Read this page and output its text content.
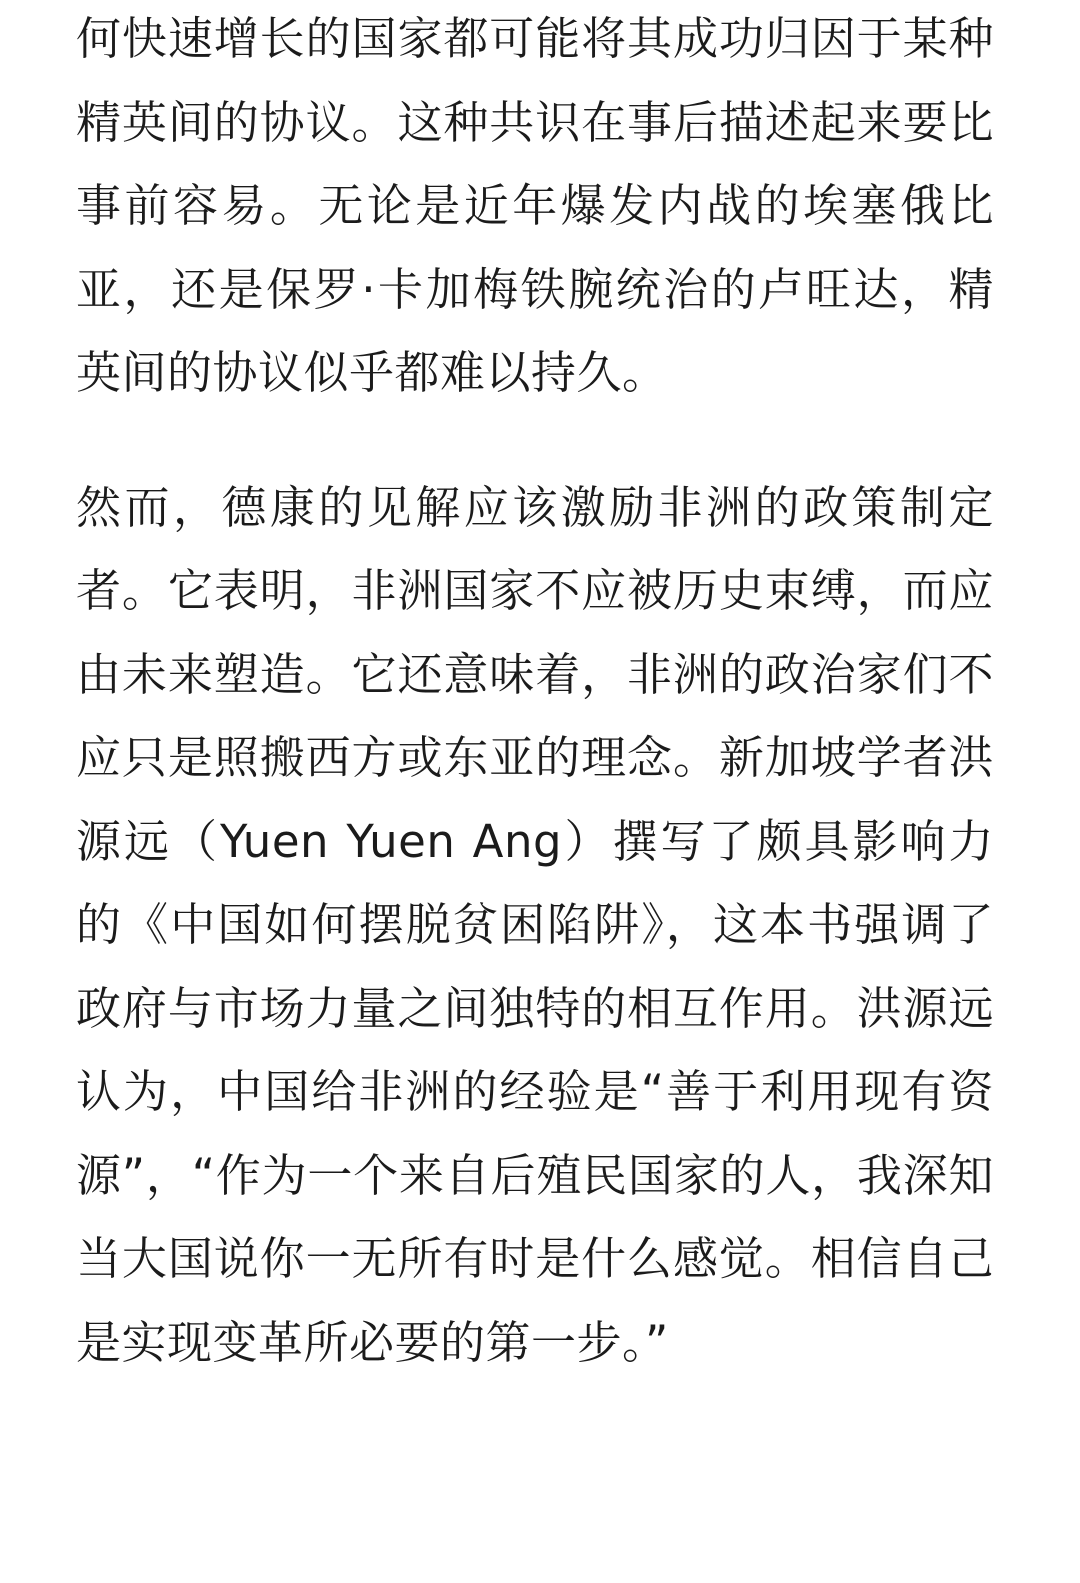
何快速增长的国家都可能将其成功归因于某种精英间的协议。这种共识在事后描述起来要比事前容易。无论是近年爆发内战的埃塞俄比亚，还是保罗·卡加梅铁腕统治的卢旺达，精英间的协议似乎都难以持久。

然而，德康的见解应该激励非洲的政策制定者。它表明，非洲国家不应被历史束缚，而应由未来塑造。它还意味着，非洲的政治家们不应只是照搬西方或东亚的理念。新加坡学者洪源远（Yuen Yuen Ang）撰写了颇具影响力的《中国如何摆脱贫困陷阱》，这本书强调了政府与市场力量之间独特的相互作用。洪源远认为，中国给非洲的经验是“善于利用现有资源”，“作为一个来自后殖民国家的人，我深知当大国说你一无所有时是什么感觉。相信自己是实现变革所必要的第一步。”
